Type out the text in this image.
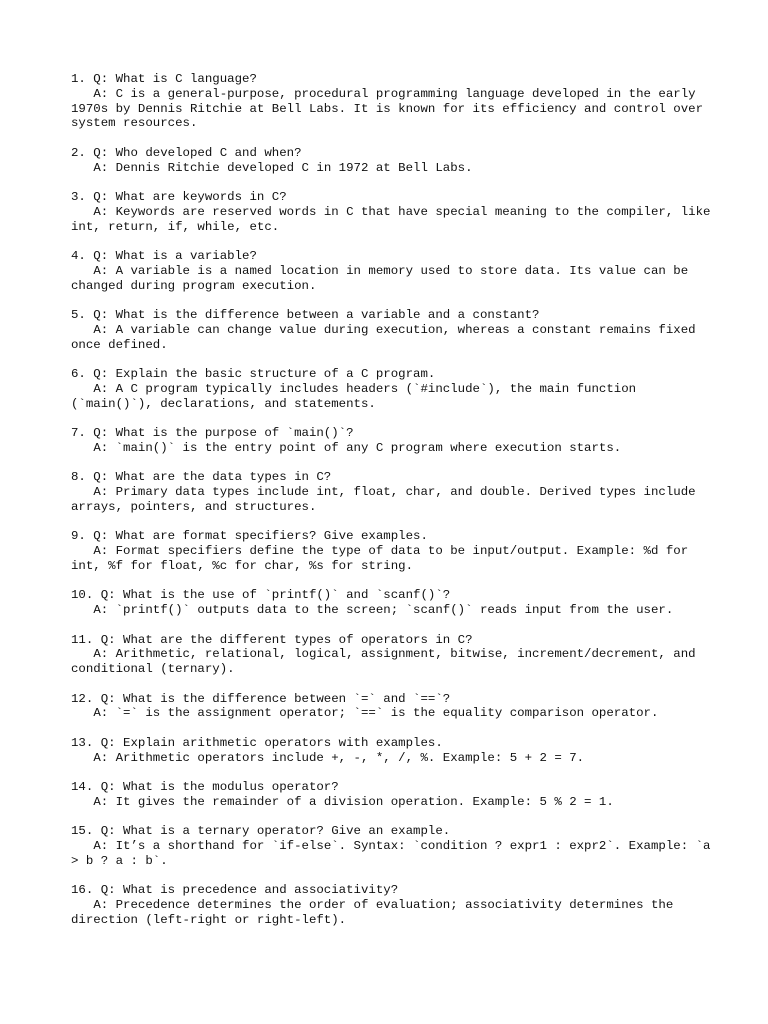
1. Q: What is C language?
A: C is a general-purpose, procedural programming language developed in the early 1970s by Dennis Ritchie at Bell Labs. It is known for its efficiency and control over system resources.
2. Q: Who developed C and when?
A: Dennis Ritchie developed C in 1972 at Bell Labs.
3. Q: What are keywords in C?
A: Keywords are reserved words in C that have special meaning to the compiler, like int, return, if, while, etc.
4. Q: What is a variable?
A: A variable is a named location in memory used to store data. Its value can be changed during program execution.
5. Q: What is the difference between a variable and a constant?
A: A variable can change value during execution, whereas a constant remains fixed once defined.
6. Q: Explain the basic structure of a C program.
A: A C program typically includes headers (`#include`), the main function (`main()`), declarations, and statements.
7. Q: What is the purpose of `main()`?
A: `main()` is the entry point of any C program where execution starts.
8. Q: What are the data types in C?
A: Primary data types include int, float, char, and double. Derived types include arrays, pointers, and structures.
9. Q: What are format specifiers? Give examples.
A: Format specifiers define the type of data to be input/output. Example: %d for int, %f for float, %c for char, %s for string.
10. Q: What is the use of `printf()` and `scanf()`?
A: `printf()` outputs data to the screen; `scanf()` reads input from the user.
11. Q: What are the different types of operators in C?
A: Arithmetic, relational, logical, assignment, bitwise, increment/decrement, and conditional (ternary).
12. Q: What is the difference between `=` and `==`?
A: `=` is the assignment operator; `==` is the equality comparison operator.
13. Q: Explain arithmetic operators with examples.
A: Arithmetic operators include +, -, *, /, %. Example: 5 + 2 = 7.
14. Q: What is the modulus operator?
A: It gives the remainder of a division operation. Example: 5 % 2 = 1.
15. Q: What is a ternary operator? Give an example.
A: It’s a shorthand for `if-else`. Syntax: `condition ? expr1 : expr2`. Example: `a > b ? a : b`.
16. Q: What is precedence and associativity?
A: Precedence determines the order of evaluation; associativity determines the direction (left-right or right-left).
